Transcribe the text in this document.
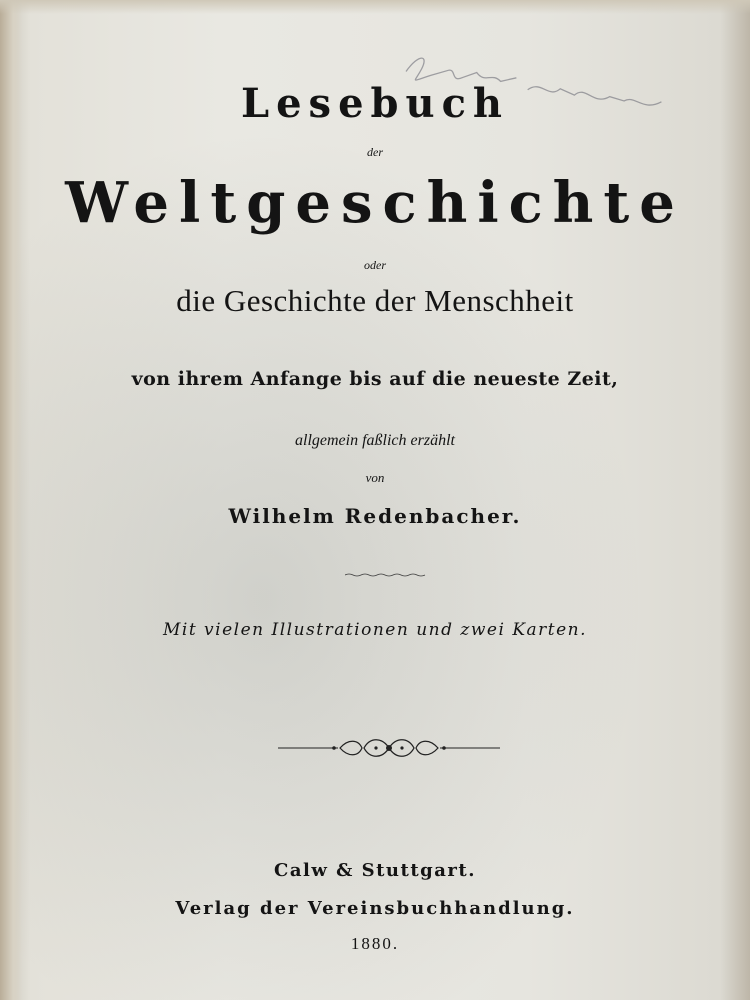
Lesebuch
der
Weltgeschichte
oder
die Geschichte der Menschheit
von ihrem Anfange bis auf die neueste Zeit,
allgemein faßlich erzählt
von
Wilhelm Redenbacher.
Mit vielen Illustrationen und zwei Karten.
Calw & Stuttgart.
Verlag der Vereinsbuchhandlung.
1880.
